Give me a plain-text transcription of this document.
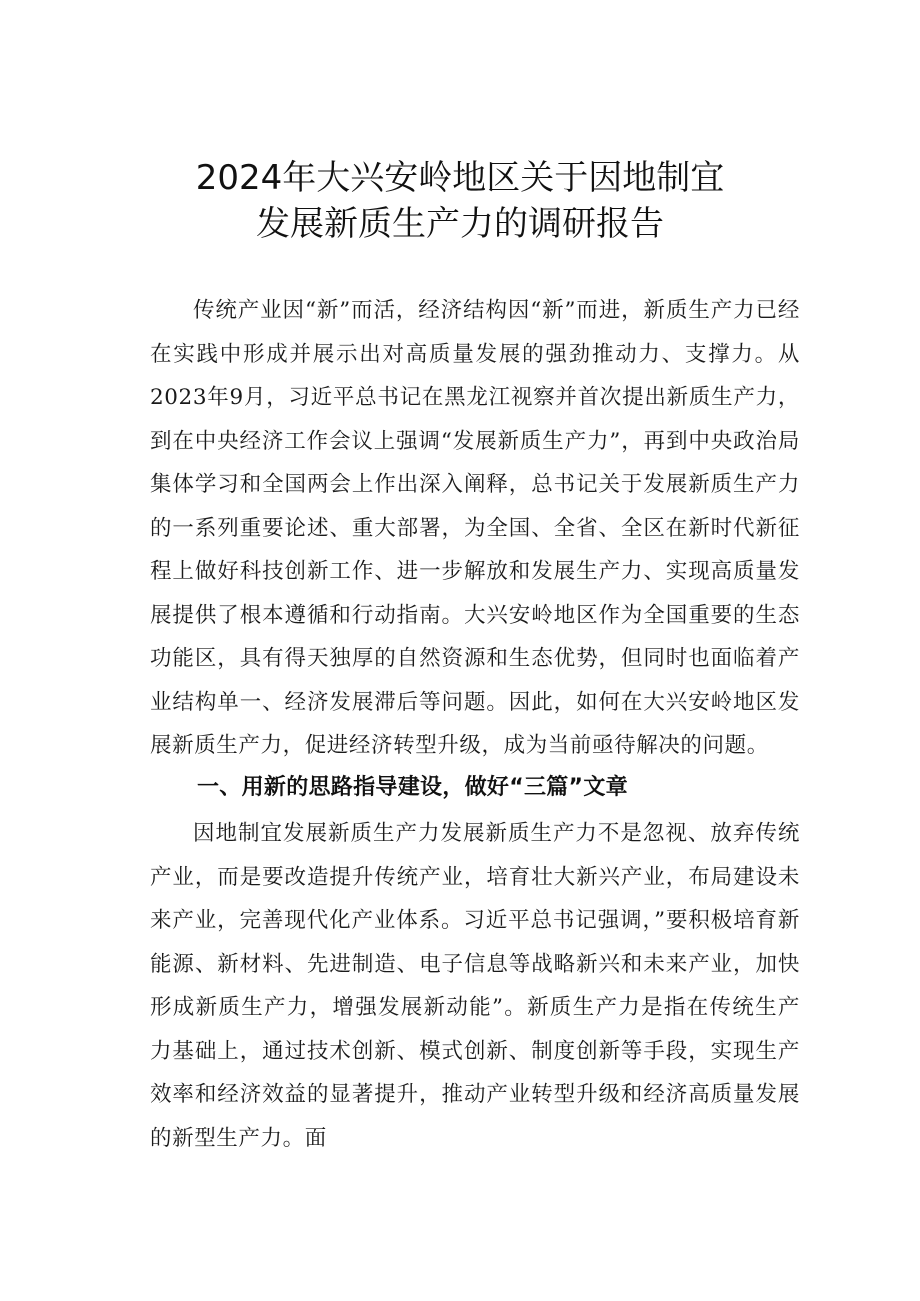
2024年大兴安岭地区关于因地制宜
发展新质生产力的调研报告

传统产业因“新”而活，经济结构因“新”而进，新质生产力已经在实践中形成并展示出对高质量发展的强劲推动力、支撑力。从2023年9月，习近平总书记在黑龙江视察并首次提出新质生产力，到在中央经济工作会议上强调“发展新质生产力”，再到中央政治局集体学习和全国两会上作出深入阐释，总书记关于发展新质生产力的一系列重要论述、重大部署，为全国、全省、全区在新时代新征程上做好科技创新工作、进一步解放和发展生产力、实现高质量发展提供了根本遵循和行动指南。大兴安岭地区作为全国重要的生态功能区，具有得天独厚的自然资源和生态优势，但同时也面临着产业结构单一、经济发展滞后等问题。因此，如何在大兴安岭地区发展新质生产力，促进经济转型升级，成为当前亟待解决的问题。

一、用新的思路指导建设，做好“三篇”文章

因地制宜发展新质生产力发展新质生产力不是忽视、放弃传统产业，而是要改造提升传统产业，培育壮大新兴产业，布局建设未来产业，完善现代化产业体系。习近平总书记强调，”要积极培育新能源、新材料、先进制造、电子信息等战略新兴和未来产业，加快形成新质生产力，增强发展新动能”。新质生产力是指在传统生产力基础上，通过技术创新、模式创新、制度创新等手段，实现生产效率和经济效益的显著提升，推动产业转型升级和经济高质量发展的新型生产力。面
